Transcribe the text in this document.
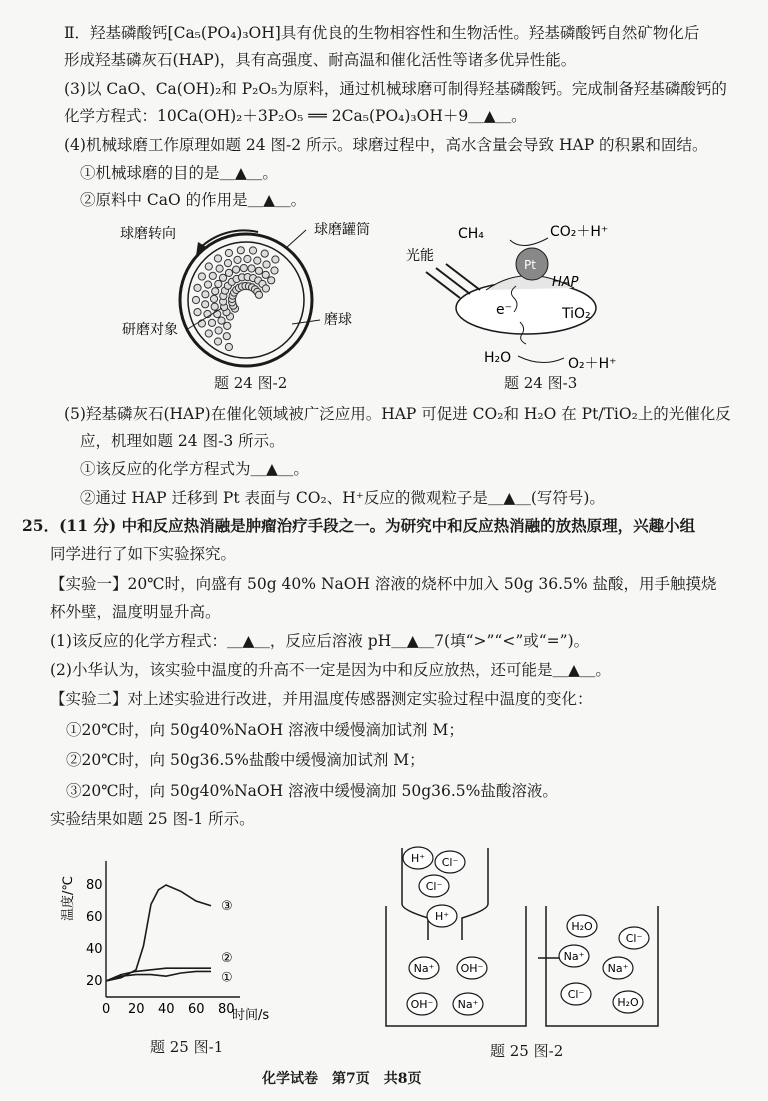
Ⅱ．羟基磷酸钙[Ca₅(PO₄)₃OH]具有优良的生物相容性和生物活性。羟基磷酸钙自然矿物化后
形成羟基磷灰石(HAP)，具有高强度、耐高温和催化活性等诸多优异性能。
(3)以 CaO、Ca(OH)₂和 P₂O₅为原料，通过机械球磨可制得羟基磷酸钙。完成制备羟基磷酸钙的
化学方程式：10Ca(OH)₂＋3P₂O₅ ══ 2Ca₅(PO₄)₃OH＋9＿▲＿。
(4)机械球磨工作原理如题 24 图-2 所示。球磨过程中，高水含量会导致 HAP 的积累和固结。
①机械球磨的目的是＿▲＿。
②原料中 CaO 的作用是＿▲＿。
球磨转向	球磨罐筒
研磨对象
磨球
题 24 图-2
Pt
HAP
CH₄	CO₂＋H⁺
光能
e⁻	TiO₂
H₂O	O₂＋H⁺
题 24 图-3
(5)羟基磷灰石(HAP)在催化领域被广泛应用。HAP 可促进 CO₂和 H₂O 在 Pt/TiO₂上的光催化反
应，机理如题 24 图-3 所示。
①该反应的化学方程式为＿▲＿。
②通过 HAP 迁移到 Pt 表面与 CO₂、H⁺反应的微观粒子是＿▲＿(写符号)。
25．(11 分) 中和反应热消融是肿瘤治疗手段之一。为研究中和反应热消融的放热原理，兴趣小组
同学进行了如下实验探究。
【实验一】20℃时，向盛有 50g 40% NaOH 溶液的烧杯中加入 50g 36.5% 盐酸，用手触摸烧
杯外壁，温度明显升高。
(1)该反应的化学方程式：＿▲＿，反应后溶液 pH＿▲＿7(填“>”“<”或“=”)。
(2)小华认为，该实验中温度的升高不一定是因为中和反应放热，还可能是＿▲＿。
【实验二】对上述实验进行改进，并用温度传感器测定实验过程中温度的变化：
①20℃时，向 50g40%NaOH 溶液中缓慢滴加试剂 M；
②20℃时，向 50g36.5%盐酸中缓慢滴加试剂 M；
③20℃时，向 50g40%NaOH 溶液中缓慢滴加 50g36.5%盐酸溶液。
实验结果如题 25 图-1 所示。
温度/℃
时间/s
0 20 40 60 80
20
40
60
80
①
②
③
题 25 图-1
H⁺ Cl⁻
Cl⁻
H⁺
Na⁺ OH⁻
OH⁻ Na⁺
H₂O
Cl⁻
Na⁺
Na⁺
Cl⁻
H₂O
题 25 图-2
化学试卷　第7页　共8页
